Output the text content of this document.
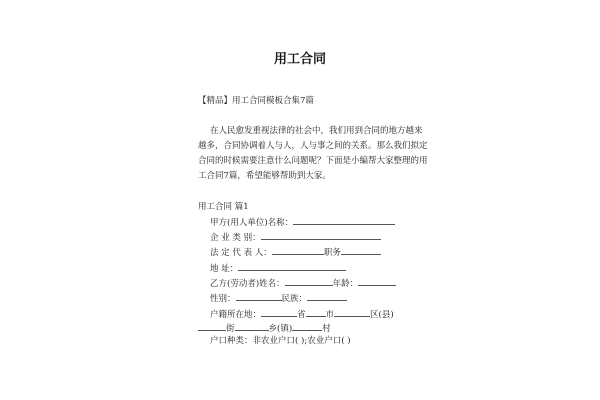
用工合同
【精品】用工合同模板合集7篇
在人民愈发重视法律的社会中，我们用到合同的地方越来
越多，合同协调着人与人，人与事之间的关系。那么我们拟定
合同的时候需要注意什么问题呢？下面是小编帮大家整理的用
工合同7篇，希望能够帮助到大家。
用工合同 篇1
甲方(用人单位)名称：
企 业 类 别：
法 定 代 表 人：	职务
地 址：
乙方(劳动者)姓名：	年龄：
性别：	民族：
户籍所在地：	省 市	区(县)
街	乡(镇)	村
户口种类：非农业户口( );农业户口( )
